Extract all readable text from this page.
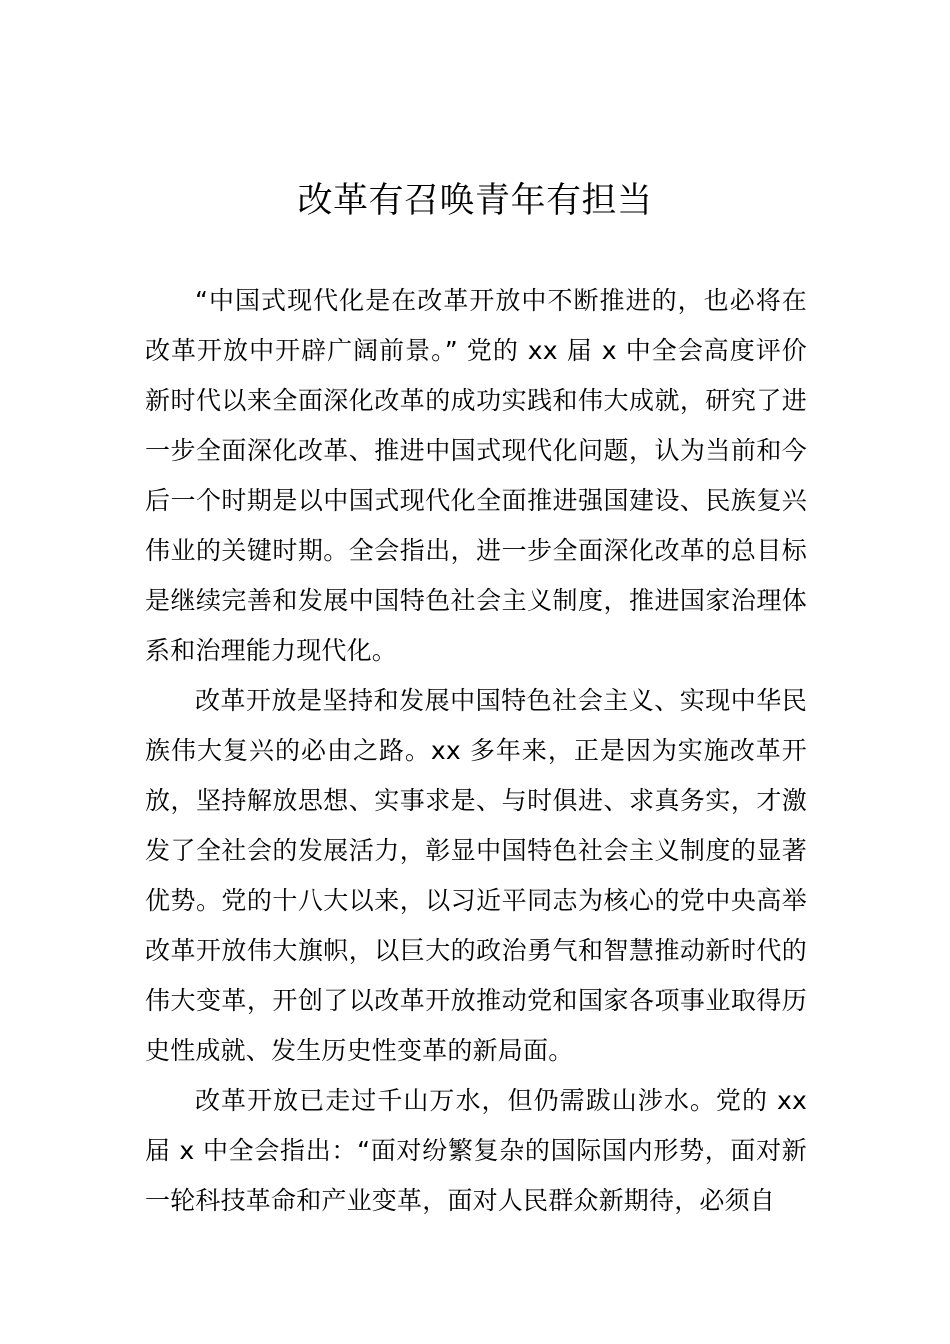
改革有召唤青年有担当

“中国式现代化是在改革开放中不断推进的，也必将在改革开放中开辟广阔前景。” 党的 xx 届 x 中全会高度评价新时代以来全面深化改革的成功实践和伟大成就，研究了进一步全面深化改革、推进中国式现代化问题，认为当前和今后一个时期是以中国式现代化全面推进强国建设、民族复兴伟业的关键时期。全会指出，进一步全面深化改革的总目标是继续完善和发展中国特色社会主义制度，推进国家治理体系和治理能力现代化。

改革开放是坚持和发展中国特色社会主义、实现中华民族伟大复兴的必由之路。xx 多年来，正是因为实施改革开放，坚持解放思想、实事求是、与时俱进、求真务实，才激发了全社会的发展活力，彰显中国特色社会主义制度的显著优势。党的十八大以来，以习近平同志为核心的党中央高举改革开放伟大旗帜，以巨大的政治勇气和智慧推动新时代的伟大变革，开创了以改革开放推动党和国家各项事业取得历史性成就、发生历史性变革的新局面。

改革开放已走过千山万水，但仍需跋山涉水。党的 xx 届 x 中全会指出：“面对纷繁复杂的国际国内形势，面对新一轮科技革命和产业变革，面对人民群众新期待，必须自
